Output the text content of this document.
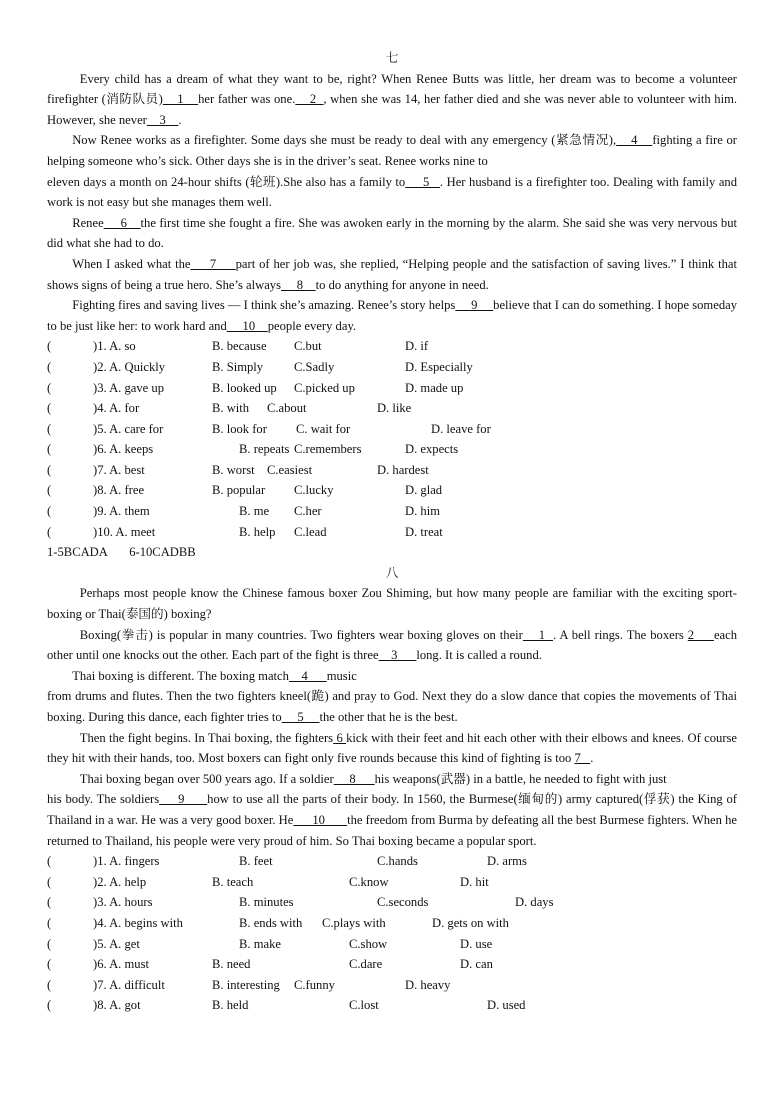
七

Every child has a dream of what they want to be, right? When Renee Butts was little, her dream was to become a volunteer firefighter (消防队员)    1    her father was one.    2  , when she was 14, her father died and she was never able to volunteer with him. However, she never    3    .

Now Renee works as a firefighter. Some days she must be ready to deal with any emergency (紧急情况),    4    fighting a fire or helping someone who’s sick. Other days she is in the driver’s seat. Renee works nine to

eleven days a month on 24-hour shifts (轮班).She also has a family to     5   . Her husband is a firefighter too. Dealing with family and work is not easy but she manages them well.

Renee     6    the first time she fought a fire. She was awoken early in the morning by the alarm. She said she was very nervous but did what she had to do.

When I asked what the     7     part of her job was, she replied, “Helping people and the satisfaction of saving lives.” I think that shows signs of being a true hero. She’s always     8    to do anything for anyone in need.

Fighting fires and saving lives — I think she’s amazing. Renee’s story helps     9     believe that I can do something. I hope someday to be just like her: to work hard and     10    people every day.

(	)1. A. so	B. because C.but	D. if
(	)2. A. Quickly	B. Simply C.Sadly	D. Especially
(	)3. A. gave up	B. looked up C.picked up	D. made up
(	)4. A. for	B. with C.about	D. like
(	)5. A. care for	B. look for C. wait for	D. leave for
(	)6. A. keeps	B. repeats C.remembers	D. expects
(	)7. A. best	B. worst C.easiest	D. hardest
(	)8. A. free	B. popular C.lucky	D. glad
(	)9. A. them	B. me C.her	D. him
(	)10. A. meet	B. help C.lead	D. treat
1-5BCADA       6-10CADBB
八

Perhaps most people know the Chinese famous boxer Zou Shiming, but how many people are familiar with the exciting sport-boxing or Thai(泰国的) boxing?

Boxing(拳击) is popular in many countries. Two fighters wear boxing gloves on their    1  . A bell rings. The boxers 2     each other until one knocks out the other. Each part of the fight is three    3      long. It is called a round.

Thai boxing is different. The boxing match    4      music

from drums and flutes. Then the two fighters kneel(跪) and pray to God. Next they do a slow dance that copies the movements of Thai boxing. During this dance, each fighter tries to     5     the other that he is the best.

Then the fight begins. In Thai boxing, the fighters 6 kick with their feet and hit each other with their elbows and knees. Of course they hit with their hands, too. Most boxers can fight only five rounds because this kind of fighting is too 7   .

Thai boxing began over 500 years ago. If a soldier     8      his weapons(武器) in a battle, he needed to fight with just

his body. The soldiers     9      how to use all the parts of their body. In 1560, the Burmese(缅甸的) army captured(俘获) the King of Thailand in a war. He was a very good boxer. He      10       the freedom from Burma by defeating all the best Burmese fighters. When he returned to Thailand, his people were very proud of him. So Thai boxing became a popular sport.

(	)1. A. fingers	B. feet	C.hands	D. arms
(	)2. A. help	B. teach	C.know	D. hit
(	)3. A. hours	B. minutes	C.seconds	D. days
(	)4. A. begins with	B. ends with C.plays with	D. gets on with
(	)5. A. get	B. make	C.show	D. use
(	)6. A. must	B. need	C.dare	D. can
(	)7. A. difficult	B. interesting C.funny	D. heavy
(	)8. A. got	B. held	C.lost	D. used
